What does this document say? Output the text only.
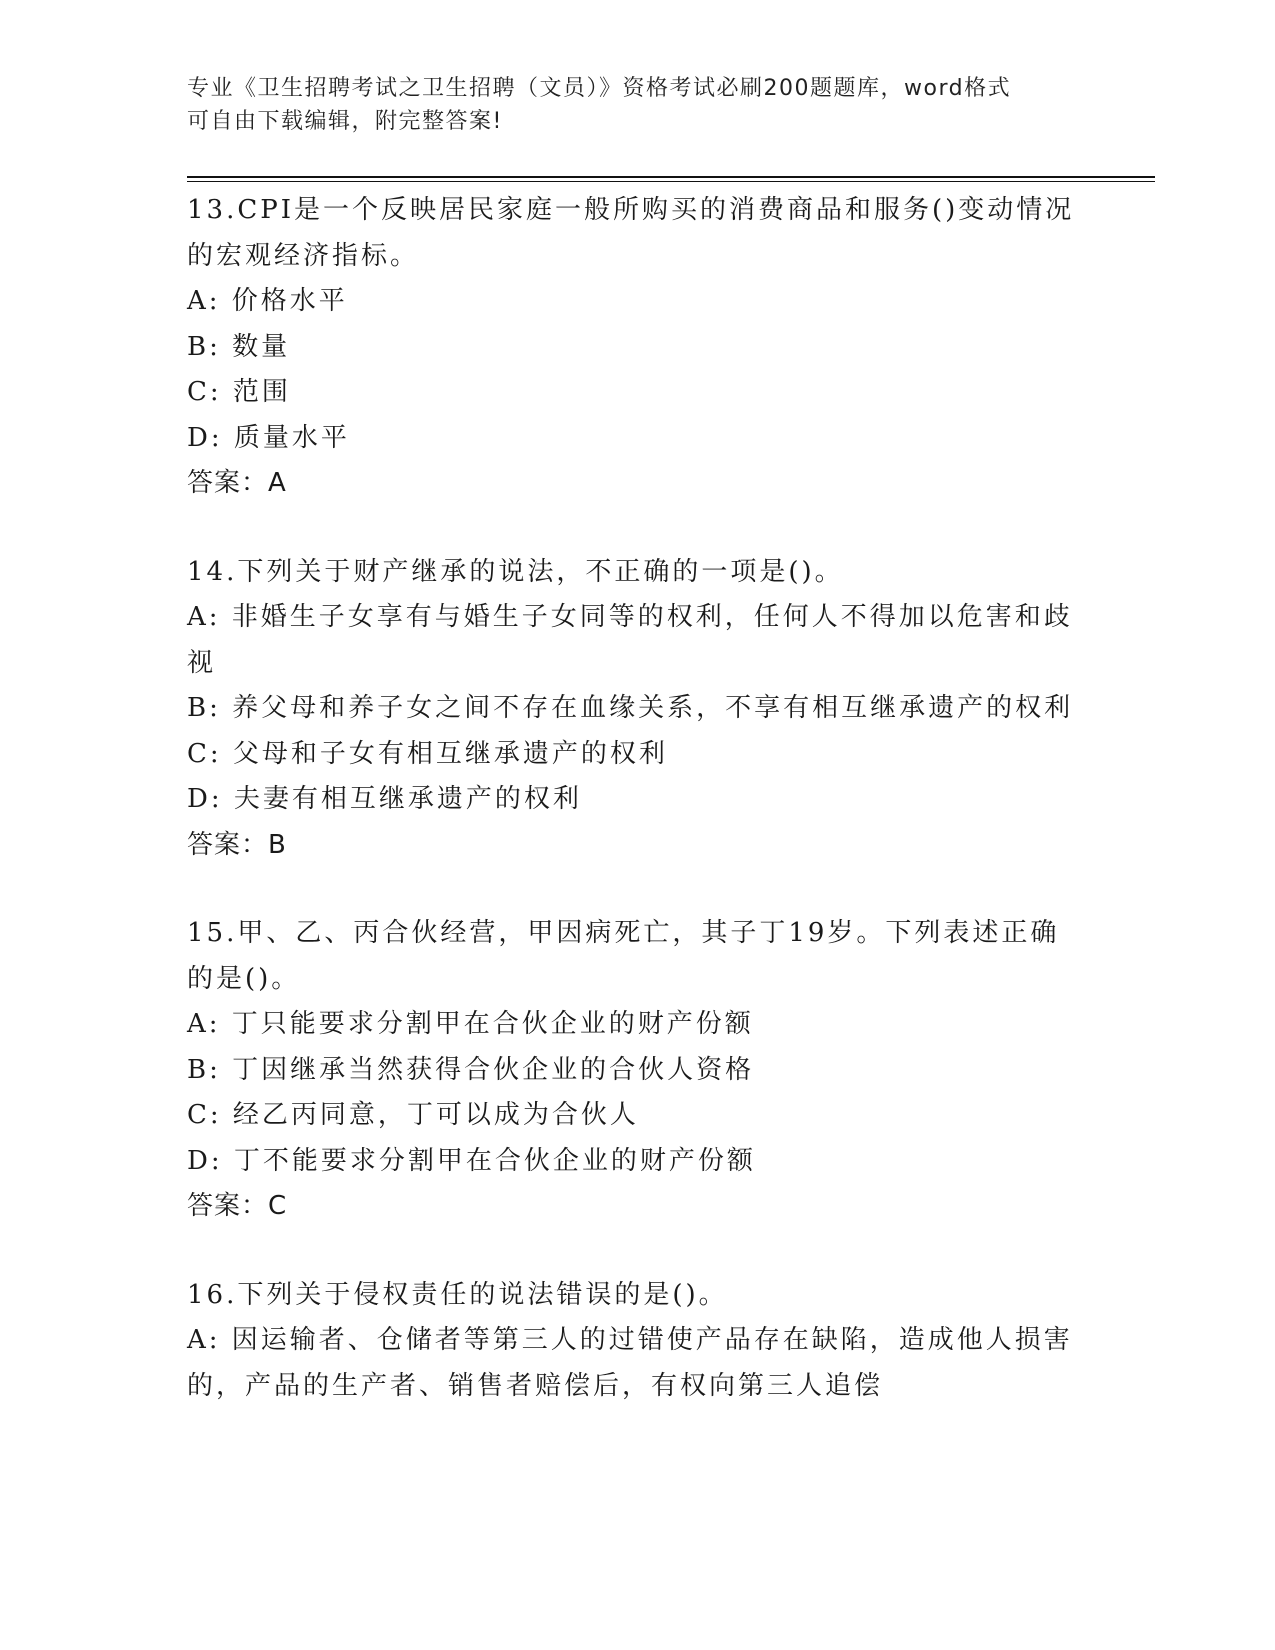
专业《卫生招聘考试之卫生招聘（文员）》资格考试必刷200题题库，word格式
可自由下载编辑，附完整答案!
13.CPI是一个反映居民家庭一般所购买的消费商品和服务()变动情况
的宏观经济指标。
A: 价格水平
B: 数量
C: 范围
D: 质量水平
答案：A
14.下列关于财产继承的说法，不正确的一项是()。
A: 非婚生子女享有与婚生子女同等的权利，任何人不得加以危害和歧
视
B: 养父母和养子女之间不存在血缘关系，不享有相互继承遗产的权利
C: 父母和子女有相互继承遗产的权利
D: 夫妻有相互继承遗产的权利
答案：B
15.甲、乙、丙合伙经营，甲因病死亡，其子丁19岁。下列表述正确
的是()。
A: 丁只能要求分割甲在合伙企业的财产份额
B: 丁因继承当然获得合伙企业的合伙人资格
C: 经乙丙同意，丁可以成为合伙人
D: 丁不能要求分割甲在合伙企业的财产份额
答案：C
16.下列关于侵权责任的说法错误的是()。
A: 因运输者、仓储者等第三人的过错使产品存在缺陷，造成他人损害
的，产品的生产者、销售者赔偿后，有权向第三人追偿
